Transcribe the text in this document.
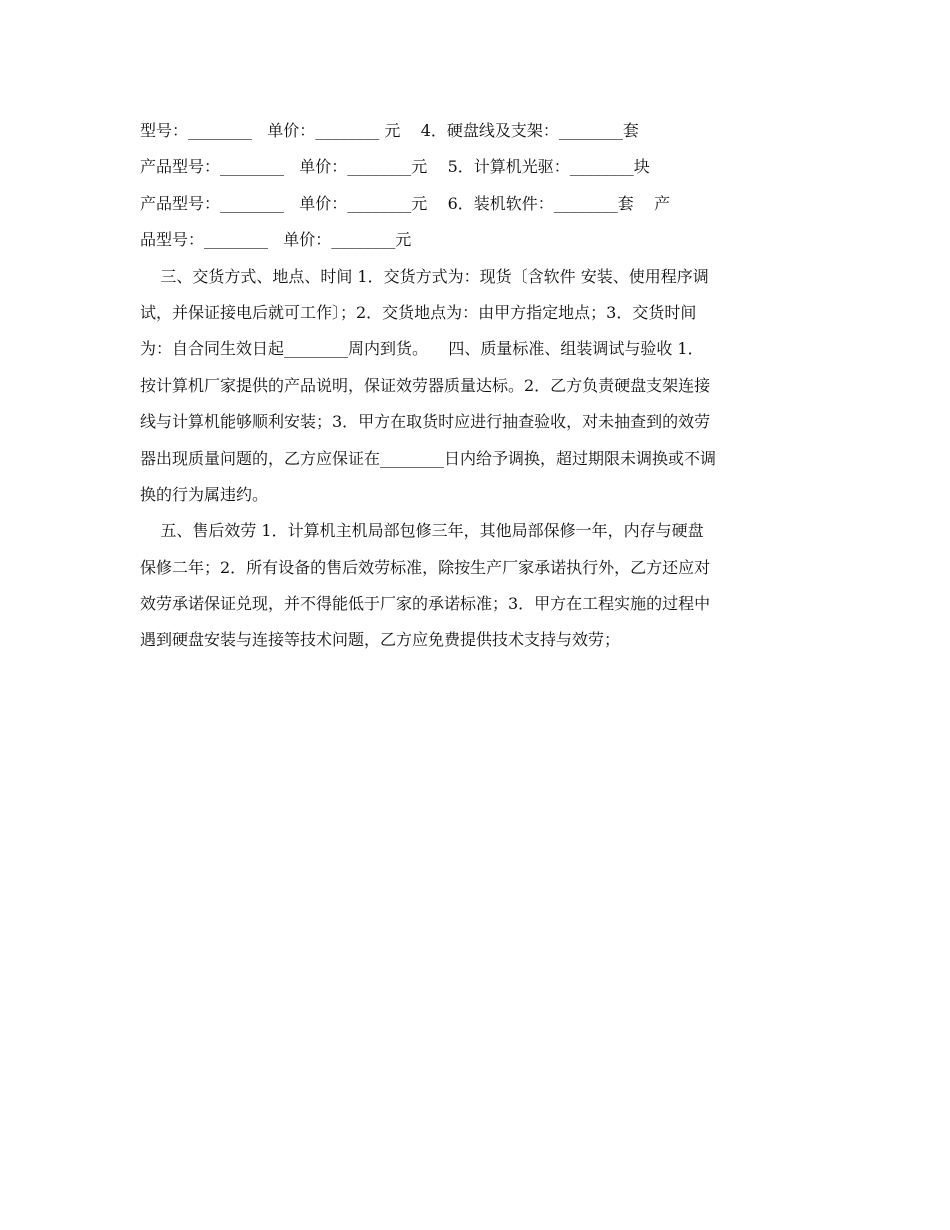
型号：________   单价：________ 元    4．硬盘线及支架：________套
产品型号：________   单价：________元    5．计算机光驱：________块
产品型号：________   单价：________元    6．装机软件：________套    产
品型号：________   单价：________元
三、交货方式、地点、时间 1．交货方式为：现货〔含软件 安装、使用程序调
试，并保证接电后就可工作〕；2．交货地点为：由甲方指定地点；3．交货时间
为：自合同生效日起________周内到货。    四、质量标准、组装调试与验收 1．
按计算机厂家提供的产品说明，保证效劳器质量达标。2．乙方负责硬盘支架连接
线与计算机能够顺利安装；3．甲方在取货时应进行抽查验收，对未抽查到的效劳
器出现质量问题的，乙方应保证在________日内给予调换，超过期限未调换或不调
换的行为属违约。
五、售后效劳 1．计算机主机局部包修三年，其他局部保修一年，内存与硬盘
保修二年；2．所有设备的售后效劳标准，除按生产厂家承诺执行外，乙方还应对
效劳承诺保证兑现，并不得能低于厂家的承诺标准；3．甲方在工程实施的过程中
遇到硬盘安装与连接等技术问题，乙方应免费提供技术支持与效劳；
